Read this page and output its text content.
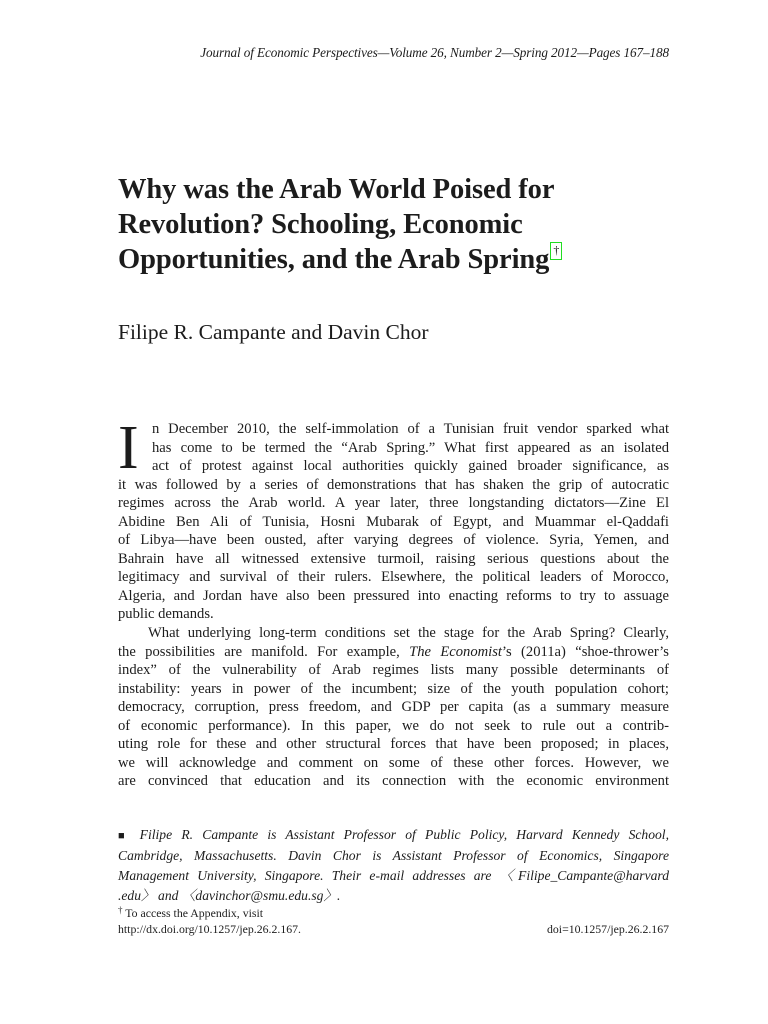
Journal of Economic Perspectives—Volume 26, Number 2—Spring 2012—Pages 167–188
Why was the Arab World Poised for
Revolution? Schooling, Economic
Opportunities, and the Arab Spring †
Filipe R. Campante and Davin Chor
I n December 2010, the self-immolation of a Tunisian fruit vendor sparked what
has come to be termed the “Arab Spring.” What first appeared as an isolated
act of protest against local authorities quickly gained broader significance, as
it was followed by a series of demonstrations that has shaken the grip of autocratic
regimes across the Arab world. A year later, three longstanding dictators—Zine El
Abidine Ben Ali of Tunisia, Hosni Mubarak of Egypt, and Muammar el-Qaddafi
of Libya—have been ousted, after varying degrees of violence. Syria, Yemen, and
Bahrain have all witnessed extensive turmoil, raising serious questions about the
legitimacy and survival of their rulers. Elsewhere, the political leaders of Morocco,
Algeria, and Jordan have also been pressured into enacting reforms to try to assuage
public demands.
What underlying long-term conditions set the stage for the Arab Spring? Clearly,
the possibilities are manifold. For example, The Economist’s (2011a) “shoe-thrower’s
index” of the vulnerability of Arab regimes lists many possible determinants of
instability: years in power of the incumbent; size of the youth population cohort;
democracy, corruption, press freedom, and GDP per capita (as a summary measure
of economic performance). In this paper, we do not seek to rule out a contrib-
uting role for these and other structural forces that have been proposed; in places,
we will acknowledge and comment on some of these other forces. However, we
are convinced that education and its connection with the economic environment
■ Filipe R. Campante is Assistant Professor of Public Policy, Harvard Kennedy School,
Cambridge, Massachusetts. Davin Chor is Assistant Professor of Economics, Singapore
Management University, Singapore. Their e-mail addresses are 〈Filipe_Campante@harvard
.edu〉 and 〈davinchor@smu.edu.sg〉.
† To access the Appendix, visit
http://dx.doi.org/10.1257/jep.26.2.167.	doi=10.1257/jep.26.2.167
